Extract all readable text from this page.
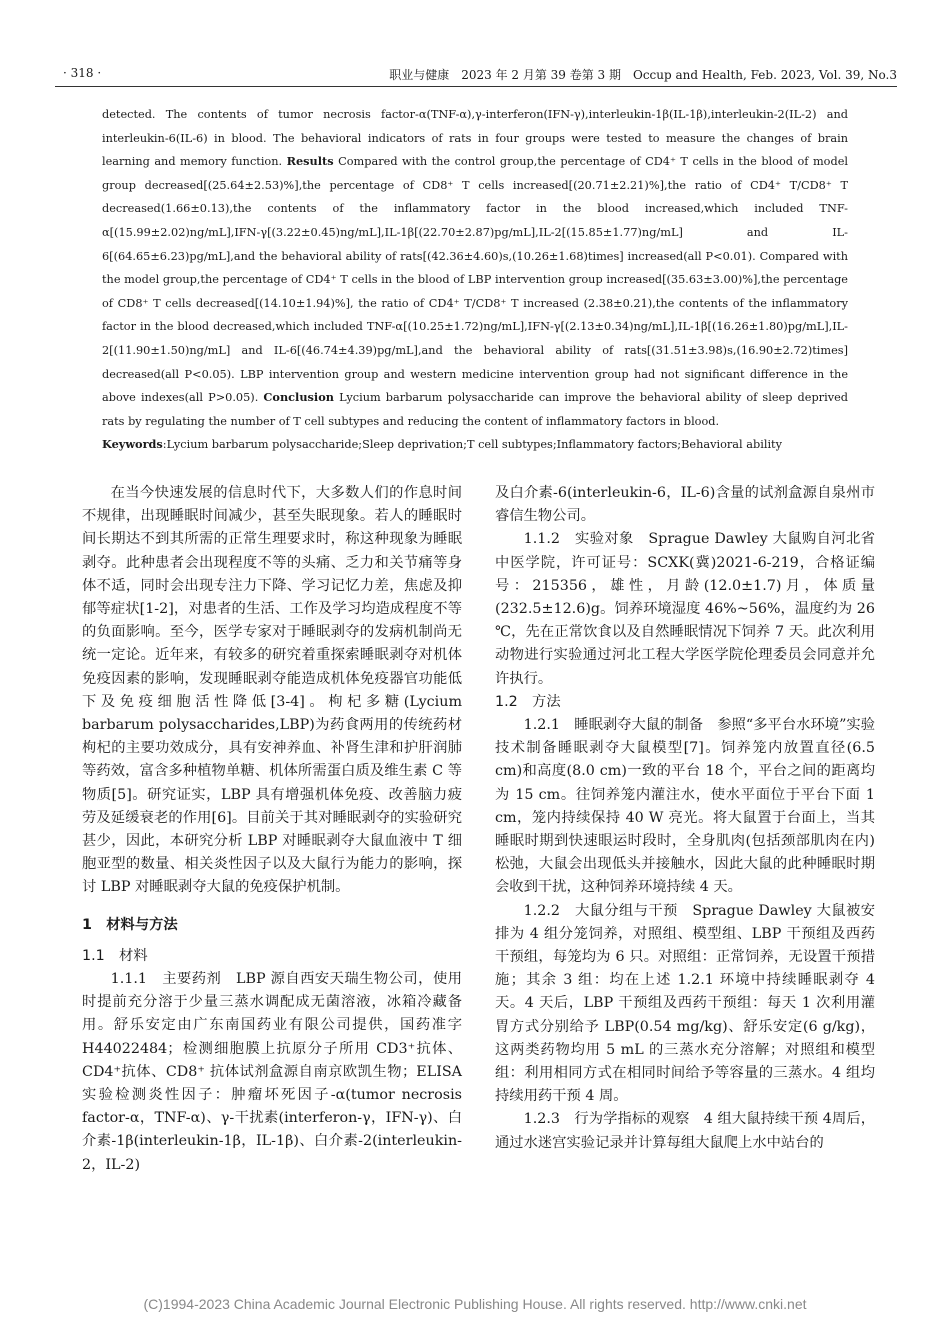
· 318 ·	职业与健康　2023 年 2 月第 39 卷第 3 期　Occup and Health, Feb. 2023, Vol. 39, No.3

detected. The contents of tumor necrosis factor-α(TNF-α),γ-interferon(IFN-γ),interleukin-1β(IL-1β),interleukin-2(IL-2) and interleukin-6(IL-6) in blood. The behavioral indicators of rats in four groups were tested to measure the changes of brain learning and memory function. Results Compared with the control group,the percentage of CD4⁺ T cells in the blood of model group decreased[(25.64±2.53)%],the percentage of CD8⁺ T cells increased[(20.71±2.21)%],the ratio of CD4⁺ T/CD8⁺ T decreased(1.66±0.13),the contents of the inflammatory factor in the blood increased,which included TNF-α[(15.99±2.02)ng/mL],IFN-γ[(3.22±0.45)ng/mL],IL-1β[(22.70±2.87)pg/mL],IL-2[(15.85±1.77)ng/mL] and IL-6[(64.65±6.23)pg/mL],and the behavioral ability of rats[(42.36±4.60)s,(10.26±1.68)times] increased(all P<0.01). Compared with the model group,the percentage of CD4⁺ T cells in the blood of LBP intervention group increased[(35.63±3.00)%],the percentage of CD8⁺ T cells decreased[(14.10±1.94)%], the ratio of CD4⁺ T/CD8⁺ T increased (2.38±0.21),the contents of the inflammatory factor in the blood decreased,which included TNF-α[(10.25±1.72)ng/mL],IFN-γ[(2.13±0.34)ng/mL],IL-1β[(16.26±1.80)pg/mL],IL-2[(11.90±1.50)ng/mL] and IL-6[(46.74±4.39)pg/mL],and the behavioral ability of rats[(31.51±3.98)s,(16.90±2.72)times] decreased(all P<0.05). LBP intervention group and western medicine intervention group had not significant difference in the above indexes(all P>0.05). Conclusion Lycium barbarum polysaccharide can improve the behavioral ability of sleep deprived rats by regulating the number of T cell subtypes and reducing the content of inflammatory factors in blood.

Keywords:Lycium barbarum polysaccharide;Sleep deprivation;T cell subtypes;Inflammatory factors;Behavioral ability

在当今快速发展的信息时代下，大多数人们的作息时间不规律，出现睡眠时间减少，甚至失眠现象。若人的睡眠时间长期达不到其所需的正常生理要求时，称这种现象为睡眠剥夺。此种患者会出现程度不等的头痛、乏力和关节痛等身体不适，同时会出现专注力下降、学习记忆力差，焦虑及抑郁等症状[1-2]，对患者的生活、工作及学习均造成程度不等的负面影响。至今，医学专家对于睡眠剥夺的发病机制尚无统一定论。近年来，有较多的研究着重探索睡眠剥夺对机体免疫因素的影响，发现睡眠剥夺能造成机体免疫器官功能低下及免疫细胞活性降低[3-4]。枸杞多糖(Lycium barbarum polysaccharides,LBP)为药食两用的传统药材枸杞的主要功效成分，具有安神养血、补肾生津和护肝润肺等药效，富含多种植物单糖、机体所需蛋白质及维生素 C 等物质[5]。研究证实，LBP 具有增强机体免疫、改善脑力疲劳及延缓衰老的作用[6]。目前关于其对睡眠剥夺的实验研究甚少，因此，本研究分析 LBP 对睡眠剥夺大鼠血液中 T 细胞亚型的数量、相关炎性因子以及大鼠行为能力的影响，探讨 LBP 对睡眠剥夺大鼠的免疫保护机制。

1　材料与方法

1.1　材料

1.1.1　主要药剂　LBP 源自西安天瑞生物公司，使用时提前充分溶于少量三蒸水调配成无菌溶液，冰箱冷藏备用。舒乐安定由广东南国药业有限公司提供，国药准字 H44022484；检测细胞膜上抗原分子所用 CD3⁺抗体、CD4⁺抗体、CD8⁺ 抗体试剂盒源自南京欧凯生物；ELISA 实验检测炎性因子：肿瘤坏死因子-α(tumor necrosis factor-α，TNF-α)、γ-干扰素(interferon-γ，IFN-γ)、白介素-1β(interleukin-1β，IL-1β)、白介素-2(interleukin-2，IL-2)

及白介素-6(interleukin-6，IL-6)含量的试剂盒源自泉州市睿信生物公司。

1.1.2　实验对象　Sprague Dawley 大鼠购自河北省中医学院，许可证号：SCXK(冀)2021-6-219，合格证编号：215356，雄性，月龄(12.0±1.7)月，体质量(232.5±12.6)g。饲养环境湿度 46%~56%，温度约为 26 ℃，先在正常饮食以及自然睡眠情况下饲养 7 天。此次利用动物进行实验通过河北工程大学医学院伦理委员会同意并允许执行。

1.2　方法

1.2.1　睡眠剥夺大鼠的制备　参照“多平台水环境”实验技术制备睡眠剥夺大鼠模型[7]。饲养笼内放置直径(6.5 cm)和高度(8.0 cm)一致的平台 18 个，平台之间的距离均为 15 cm。往饲养笼内灌注水，使水平面位于平台下面 1 cm，笼内持续保持 40 W 亮光。将大鼠置于台面上，当其睡眠时期到快速眼运时段时，全身肌肉(包括颈部肌肉在内)松弛，大鼠会出现低头并接触水，因此大鼠的此种睡眠时期会收到干扰，这种饲养环境持续 4 天。

1.2.2　大鼠分组与干预　Sprague Dawley 大鼠被安排为 4 组分笼饲养，对照组、模型组、LBP 干预组及西药干预组，每笼均为 6 只。对照组：正常饲养，无设置干预措施；其余 3 组：均在上述 1.2.1 环境中持续睡眠剥夺 4 天。4 天后，LBP 干预组及西药干预组：每天 1 次利用灌胃方式分别给予 LBP(0.54 mg/kg)、舒乐安定(6 g/kg)，这两类药物均用 5 mL 的三蒸水充分溶解；对照组和模型组：利用相同方式在相同时间给予等容量的三蒸水。4 组均持续用药干预 4 周。

1.2.3　行为学指标的观察　4 组大鼠持续干预 4周后，通过水迷宫实验记录并计算每组大鼠爬上水中站台的

(C)1994-2023 China Academic Journal Electronic Publishing House. All rights reserved. http://www.cnki.net
